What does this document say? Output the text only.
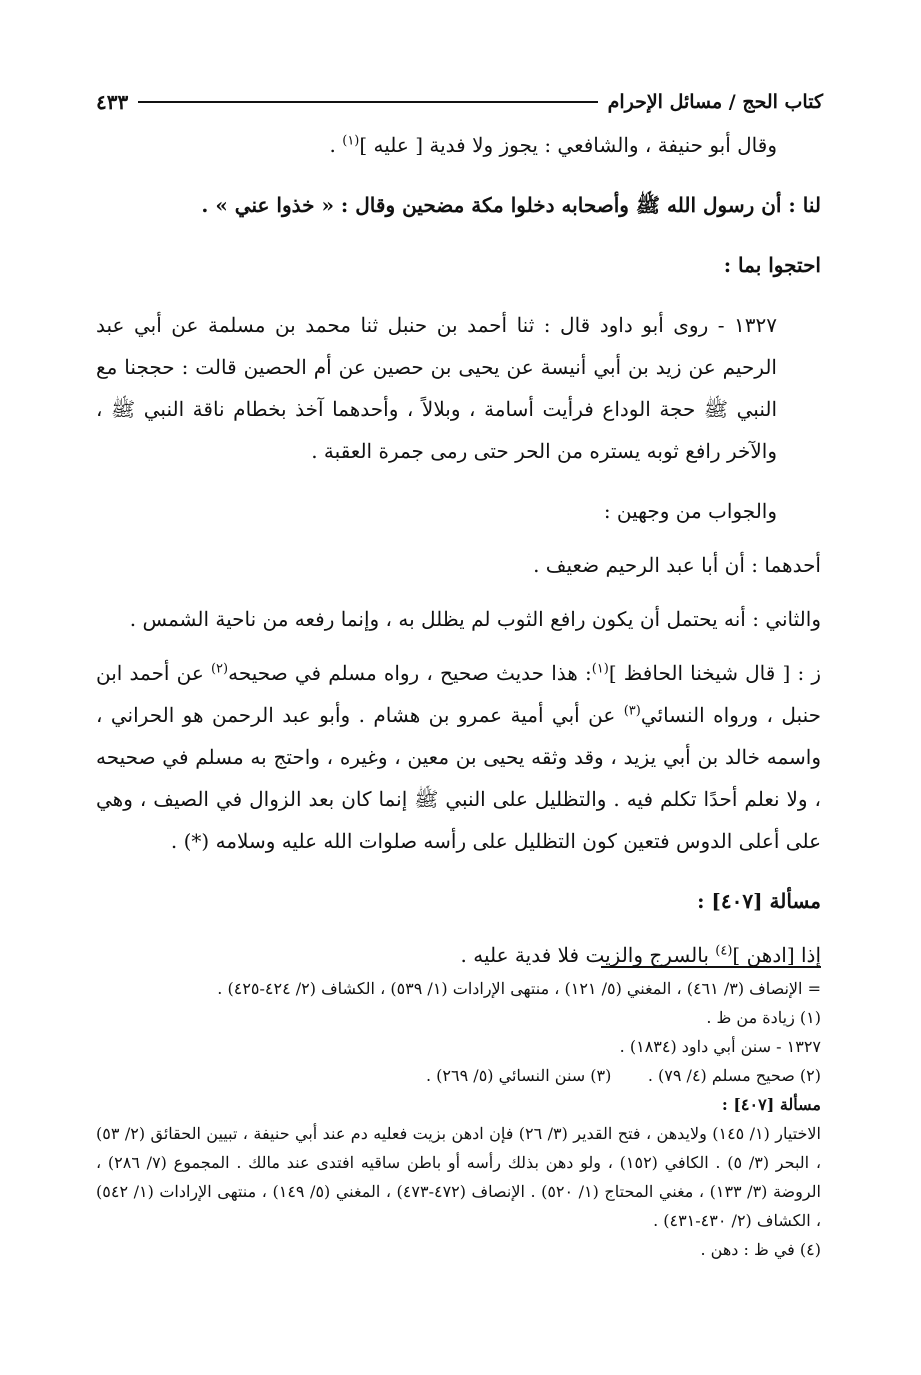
كتاب الحج / مسائل الإحرام
٤٣٣

وقال أبو حنيفة ، والشافعي : يجوز ولا فدية [ عليه ]$^{(١)}$ .

لنا : أن رسول الله ﷺ وأصحابه دخلوا مكة مضحين وقال : « خذوا عني » .

احتجوا بما :

١٣٢٧ - روى أبو داود قال : ثنا أحمد بن حنبل ثنا محمد بن مسلمة عن أبي عبد الرحيم عن زيد بن أبي أنيسة عن يحيى بن حصين عن أم الحصين قالت : حججنا مع النبي ﷺ حجة الوداع فرأيت أسامة ، وبلالاً ، وأحدهما آخذ بخطام ناقة النبي ﷺ ، والآخر رافع ثوبه يستره من الحر حتى رمى جمرة العقبة .

والجواب من وجهين :

أحدهما : أن أبا عبد الرحيم ضعيف .

والثاني : أنه يحتمل أن يكون رافع الثوب لم يظلل به ، وإنما رفعه من ناحية الشمس .

ز : [ قال شيخنا الحافظ ]$^{(١)}$: هذا حديث صحيح ، رواه مسلم في صحيحه$^{(٢)}$ عن أحمد ابن حنبل ، ورواه النسائي$^{(٣)}$ عن أبي أمية عمرو بن هشام . وأبو عبد الرحمن هو الحراني ، واسمه خالد بن أبي يزيد ، وقد وثقه يحيى بن معين ، وغيره ، واحتج به مسلم في صحيحه ، ولا نعلم أحدًا تكلم فيه . والتظليل على النبي ﷺ إنما كان بعد الزوال في الصيف ، وهي على أعلى الدوس فتعين كون التظليل على رأسه صلوات الله عليه وسلامه (*) .

مسألة [٤٠٧] :

إذا [ادهن ]$^{(٤)}$ بالسرج والزيت فلا فدية عليه .

= الإنصاف (٣/ ٤٦١) ، المغني (٥/ ١٢١) ، منتهى الإرادات (١/ ٥٣٩) ، الكشاف (٢/ ٤٢٤-٤٢٥) .

(١) زيادة من ظ .

١٣٢٧ - سنن أبي داود (١٨٣٤) .

(٢) صحيح مسلم (٤/ ٧٩) .
(٣) سنن النسائي (٥/ ٢٦٩) .

مسألة [٤٠٧] :

الاختيار (١/ ١٤٥) ولايدهن ، فتح القدير (٣/ ٢٦) فإن ادهن بزيت فعليه دم عند أبي حنيفة ، تبيين الحقائق (٢/ ٥٣) ، البحر (٣/ ٥) . الكافي (١٥٢) ، ولو دهن بذلك رأسه أو باطن ساقيه افتدى عند مالك . المجموع (٧/ ٢٨٦) ، الروضة (٣/ ١٣٣) ، مغني المحتاج (١/ ٥٢٠) . الإنصاف (٤٧٢-٤٧٣) ، المغني (٥/ ١٤٩) ، منتهى الإرادات (١/ ٥٤٢) ، الكشاف (٢/ ٤٣٠-٤٣١) .

(٤) في ظ : دهن .
